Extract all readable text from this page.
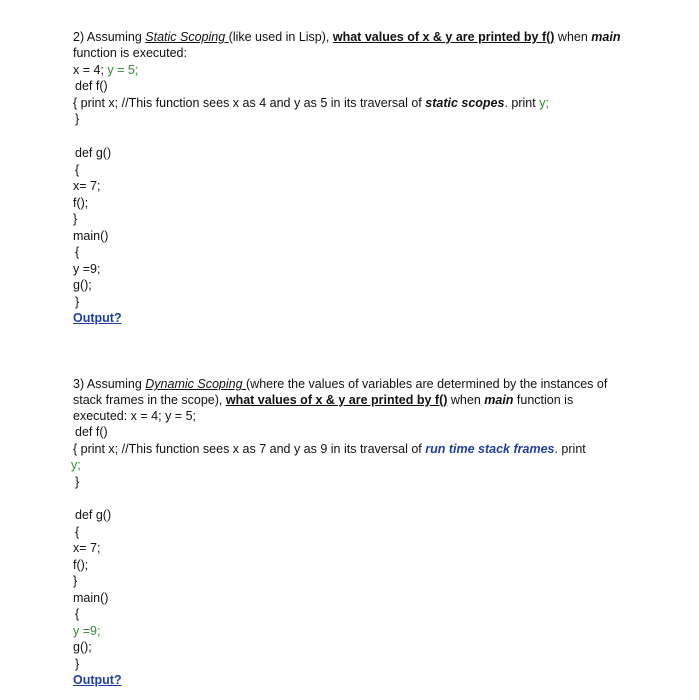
2) Assuming Static Scoping (like used in Lisp), what values of x & y are printed by f() when main
function is executed:
x = 4; y = 5;
def f()
{ print x; //This function sees x as 4 and y as 5 in its traversal of static scopes. print y;
}
def g()
{
x= 7;
f();
}
main()
{
y =9;
g();
}
Output?
3) Assuming Dynamic Scoping (where the values of variables are determined by the instances of
stack frames in the scope), what values of x & y are printed by f() when main function is
executed: x = 4; y = 5;
def f()
{ print x; //This function sees x as 7 and y as 9 in its traversal of run time stack frames. print
y;
}
def g()
{
x= 7;
f();
}
main()
{
y =9;
g();
}
Output?
